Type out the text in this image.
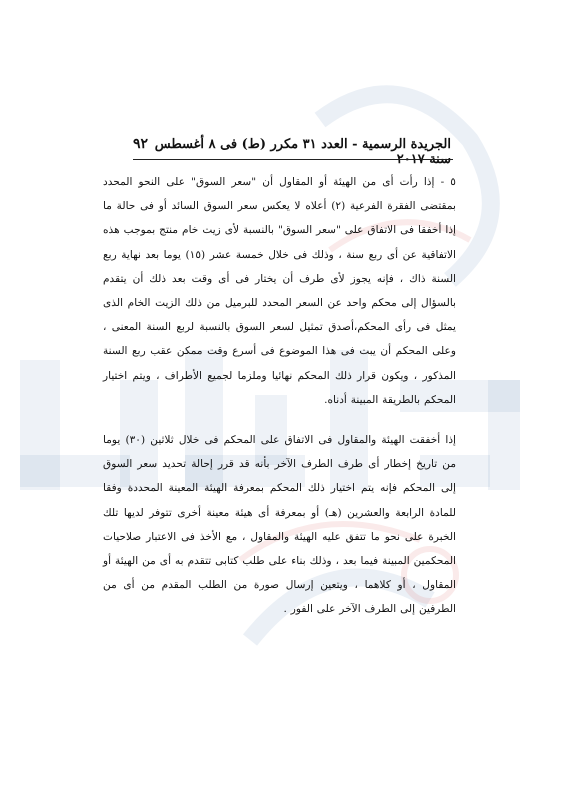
٩٢ الجريدة الرسمية - العدد ٣١ مكرر (ط) فى ٨ أغسطس سنة ٢٠١٧

٥ - إذا رأت أى من الهيئة أو المقاول أن "سعر السوق" على النحو المحدد بمقتضى الفقرة الفرعية (٢) أعلاه لا يعكس سعر السوق السائد أو فى حالة ما إذا أخفقا فى الاتفاق على "سعر السوق" بالنسبة لأى زيت خام منتج بموجب هذه الاتفاقية عن أى ربع سنة ، وذلك فى خلال خمسة عشر (١٥) يوما بعد نهاية ربع السنة ذاك ، فإنه يجوز لأى طرف أن يختار فى أى وقت بعد ذلك أن يتقدم بالسؤال إلى محكم واحد عن السعر المحدد للبرميل من ذلك الزيت الخام الذى يمثل فى رأى المحكم،أصدق تمثيل لسعر السوق بالنسبة لربع السنة المعنى ، وعلى المحكم أن يبت فى هذا الموضوع فى أسرع وقت ممكن عقب ربع السنة المذكور ، ويكون قرار ذلك المحكم نهائيا وملزما لجميع الأطراف ، ويتم اختيار المحكم بالطريقة المبينة أدناه.

إذا أخفقت الهيئة والمقاول فى الاتفاق على المحكم فى خلال ثلاثين (٣٠) يوما من تاريخ إخطار أى طرف الطرف الآخر بأنه قد قرر إحالة تحديد سعر السوق إلى المحكم فإنه يتم اختيار ذلك المحكم بمعرفة الهيئة المعينة المحددة وفقا للمادة الرابعة والعشرين (هـ) أو بمعرفة أى هيئة معينة أخرى تتوفر لديها تلك الخبرة على نحو ما تتفق عليه الهيئة والمقاول ، مع الأخذ فى الاعتبار صلاحيات المحكمين المبينة فيما بعد ، وذلك بناء على طلب كتابى تتقدم به أى من الهيئة أو المقاول ، أو كلاهما ، ويتعين إرسال صورة من الطلب المقدم من أى من الطرفين إلى الطرف الآخر على الفور .
